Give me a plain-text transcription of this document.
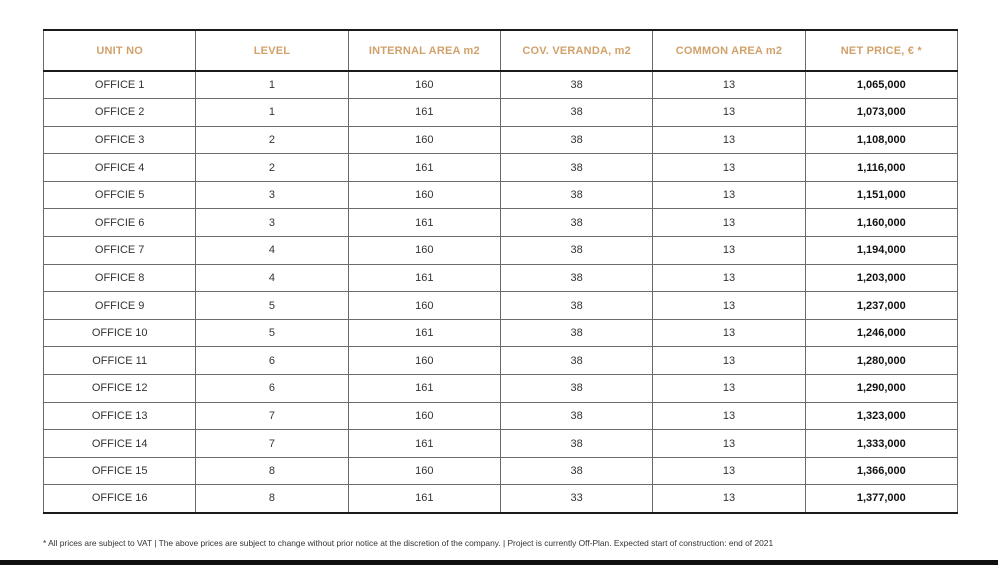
UNIT NO	LEVEL	INTERNAL AREA m2	COV. VERANDA, m2	COMMON AREA m2	NET PRICE, € *
OFFICE 1	1	160	38	13	1,065,000
OFFICE 2	1	161	38	13	1,073,000
OFFICE 3	2	160	38	13	1,108,000
OFFICE 4	2	161	38	13	1,116,000
OFFCIE 5	3	160	38	13	1,151,000
OFFCIE 6	3	161	38	13	1,160,000
OFFICE 7	4	160	38	13	1,194,000
OFFICE 8	4	161	38	13	1,203,000
OFFICE 9	5	160	38	13	1,237,000
OFFICE 10	5	161	38	13	1,246,000
OFFICE 11	6	160	38	13	1,280,000
OFFICE 12	6	161	38	13	1,290,000
OFFICE 13	7	160	38	13	1,323,000
OFFICE 14	7	161	38	13	1,333,000
OFFICE 15	8	160	38	13	1,366,000
OFFICE 16	8	161	33	13	1,377,000
* All prices are subject to VAT | The above prices are subject to change without prior notice at the discretion of the company. | Project is currently Off-Plan. Expected start of construction: end of 2021
